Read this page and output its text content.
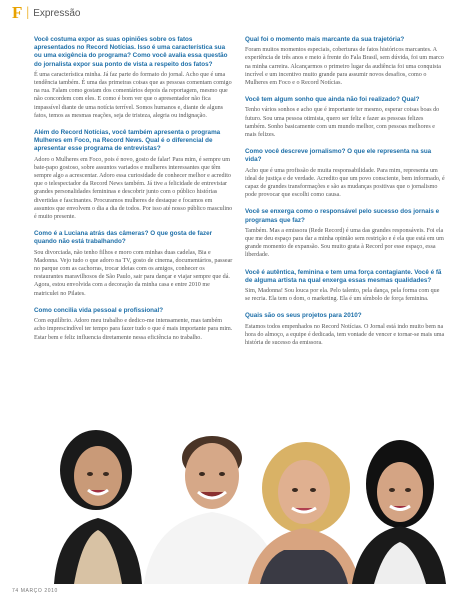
F | Expressão

Você costuma expor as suas opiniões sobre os fatos apresentados no Record Notícias. Isso é uma característica sua ou uma exigência do programa? Como você avalia essa questão do jornalista expor sua ponto de vista a respeito dos fatos?

É uma característica minha. Já faz parte do formato do jornal. Acho que é uma tendência também. É uma das primeiras coisas que as pessoas comentam comigo na rua. Falam como gostam dos comentários depois da reportagem, mesmo que não concordem com eles. E como é bom ver que o apresentador não fica impassível diante de uma notícia terrível. Somos humanos e, diante de alguns fatos, temos as mesmas reações, seja de tristeza, alegria ou indignação.

Além do Record Notícias, você também apresenta o programa Mulheres em Foco, na Record News. Qual é o diferencial de apresentar esse programa de entrevistas?

Adoro o Mulheres em Foco, pois é novo, gosto de falar! Para mim, é sempre um bate-papo gostoso, sobre assuntos variados e mulheres interessantes que têm sempre algo a acrescentar. Adoro essa curiosidade de conhecer melhor e acredito que o telespectador da Record News também. Já tive a felicidade de entrevistar grandes personalidades femininas e descobrir junto com o público histórias divertidas e fascinantes. Procuramos mulheres de destaque e focamos em assuntos que envolvem o dia a dia de todos. Por isso até nosso público masculino é muito presente.

Como é a Luciana atrás das câmeras? O que gosta de fazer quando não está trabalhando?

Sou divorciada, não tenho filhos e moro com minhas duas cadelas, Bia e Madonna. Vejo tudo o que adoro na TV, gosto de cinema, documentários, passear no parque com as cachorras, trocar ideias com os amigos, conhecer os restaurantes maravilhosos de São Paulo, sair para dançar e viajar sempre que dá. Agora, estou envolvida com a decoração da minha casa e entre 2010 me matriculei no Pilates.

Como concilia vida pessoal e profissional?

Com equilíbrio. Adoro meu trabalho e dedico-me intensamente, mas também acho imprescindível ter tempo para fazer tudo o que é mais importante para mim. Estar bem e feliz influencia diretamente nessa eficiência no trabalho.

Qual foi o momento mais marcante da sua trajetória?

Foram muitos momentos especiais, coberturas de fatos históricos marcantes. A experiência de três anos e meio à frente do Fala Brasil, sem dúvida, foi um marco na minha carreira. Alcançarmos o primeiro lugar da audiência foi uma conquista incrível e um incentivo muito grande para assumir novos desafios, como o Mulheres em Foco e o Record Notícias.

Você tem algum sonho que ainda não foi realizado? Qual?

Tenho vários sonhos e acho que é importante ter mesmo, esperar coisas boas do futuro. Sou uma pessoa otimista, quero ser feliz e fazer as pessoas felizes também. Sonho basicamente com um mundo melhor, com pessoas melhores e mais felizes.

Como você descreve jornalismo? O que ele representa na sua vida?

Acho que é uma profissão de muita responsabilidade. Para mim, representa um ideal de justiça e de verdade. Acredito que um povo consciente, bem informado, é capaz de grandes transformações e são as mudanças positivas que o jornalismo pode provocar que escolhi como causa.

Você se enxerga como o responsável pelo sucesso dos jornais e programas que faz?

Também. Mas a emissora (Rede Record) é uma das grandes responsáveis. Foi ela que me deu espaço para dar a minha opinião sem restrição e é ela que está em um grande momento de expansão. Sou muito grata à Record por esse espaço, essa liberdade.

Você é autêntica, feminina e tem uma força contagiante. Você é fã de alguma artista na qual enxerga essas mesmas qualidades?

Sim, Madonna! Sou louca por ela. Pelo talento, pela dança, pela forma com que se recria. Ela tem o dom, o marketing. Ela é um símbolo de força feminina.

Quais são os seus projetos para 2010?

Estamos todos empenhados no Record Notícias. O Jornal está indo muito bem na hora do almoço, a equipe é dedicada, tem vontade de vencer e tornar-se mais uma história de sucesso da emissora.

74 MARÇO 2010
